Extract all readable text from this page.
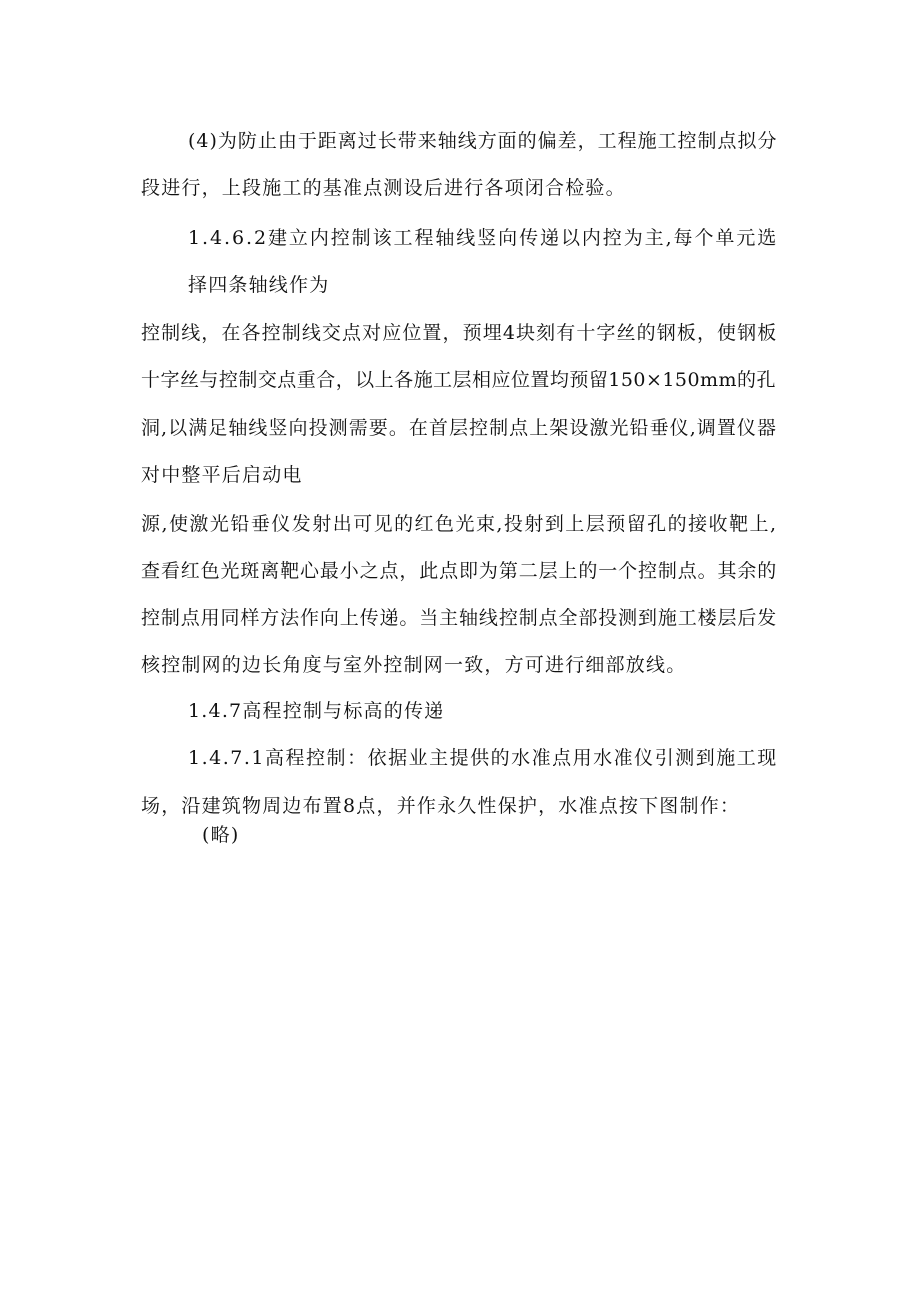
(4)为防止由于距离过长带来轴线方面的偏差，工程施工控制点拟分

段进行，上段施工的基准点测设后进行各项闭合检验。

1.4.6.2建立内控制该工程轴线竖向传递以内控为主,每个单元选

择四条轴线作为

控制线，在各控制线交点对应位置，预埋4块刻有十字丝的钢板，使钢板

十字丝与控制交点重合，以上各施工层相应位置均预留150×150mm的孔

洞,以满足轴线竖向投测需要。在首层控制点上架设激光铅垂仪,调置仪器

对中整平后启动电

源,使激光铅垂仪发射出可见的红色光束,投射到上层预留孔的接收靶上,

查看红色光斑离靶心最小之点，此点即为第二层上的一个控制点。其余的

控制点用同样方法作向上传递。当主轴线控制点全部投测到施工楼层后发

核控制网的边长角度与室外控制网一致，方可进行细部放线。

1.4.7高程控制与标高的传递

1.4.7.1高程控制：依据业主提供的水准点用水准仪引测到施工现

场，沿建筑物周边布置8点，并作永久性保护，水准点按下图制作：

(略)
